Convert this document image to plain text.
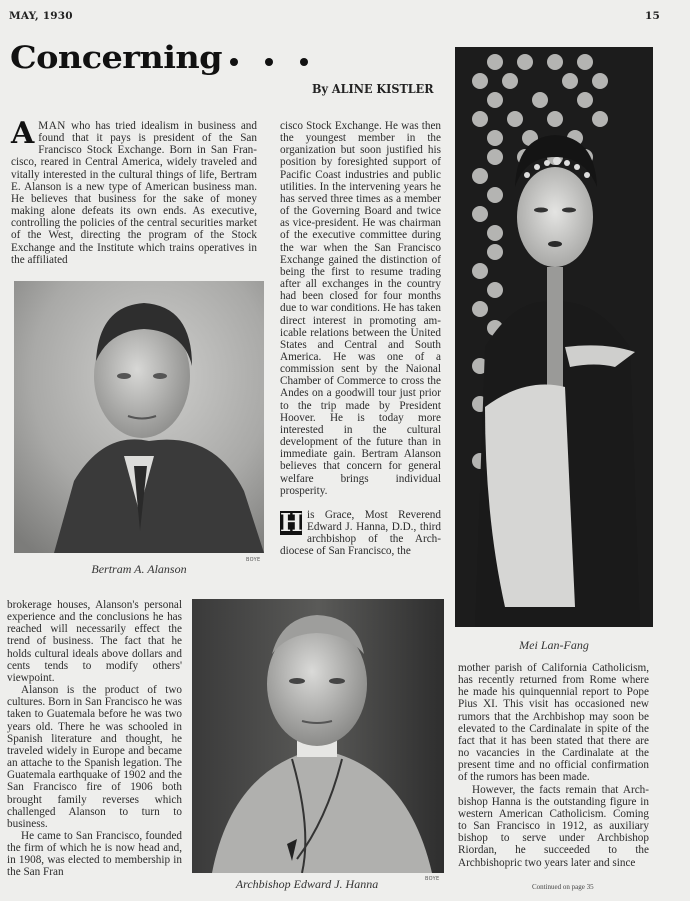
MAY, 1930	15
Concerning
By ALINE KISTLER

AMAN who has tried idealism in business and found that it pays is president of the San Francisco Stock Exchange. Born in San Francisco, reared in Central America, widely traveled and vitally interested in the cultural things of life, Bertram E. Alanson is a new type of American business man. He believes that business for the sake of money making alone defeats its own ends. As executive, controlling the policies of the central securities market of the West, directing the program of the Stock Exchange and the Institute which trains operatives in the affiliated

BOYE
Bertram A. Alanson

cisco Stock Exchange. He was then the youngest member in the organization but soon justified his position by foresighted support of Pacific Coast industries and public utilities. In the intervening years he has served three times as a member of the Governing Board and twice as vice-president. He was chairman of the executive committee during the war when the San Francisco Exchange gained the distinction of being the first to resume trading after all exchanges in the country had been closed for four months due to war conditions. He has taken direct interest in promoting amicable relations between the United States and Central and South America. He was one of a commission sent by the Naional Chamber of Commerce to cross the Andes on a goodwill tour just prior to the trip made by President Hoover. He is today more interested in the cultural development of the future than in immediate gain. Bertram Alanson believes that concern for general welfare brings individual prosperity.

H is Grace, Most Reverend Edward J. Hanna, D.D., third archbishop of the Archdiocese of San Francisco, the

Mei Lan-Fang

brokerage houses, Alanson's personal experience and the conclusions he has reached will necessarily effect the trend of business. The fact that he holds cultural ideals above dollars and cents tends to modify others' viewpoint.

Alanson is the product of two cultures. Born in San Francisco he was taken to Guatemala before he was two years old. There he was schooled in Spanish literature and thought, he traveled widely in Europe and became an attache to the Spanish legation. The Guatemala earthquake of 1902 and the San Francisco fire of 1906 both brought family reverses which challenged Alanson to turn to business.

He came to San Francisco, founded the firm of which he is now head and, in 1908, was elected to membership in the San Fran

BOYE
Archbishop Edward J. Hanna

mother parish of California Catholicism, has recently returned from Rome where he made his quinquennial report to Pope Pius XI. This visit has occasioned new rumors that the Archbishop may soon be elevated to the Cardinalate in spite of the fact that it has been stated that there are no vacancies in the Cardinalate at the present time and no official confirmation of the rumors has been made.

However, the facts remain that Archbishop Hanna is the outstanding figure in western American Catholicism. Coming to San Francisco in 1912, as auxiliary bishop to serve under Archbishop Riordan, he succeeded to the Archbishopric two years later and since

Continued on page 35
